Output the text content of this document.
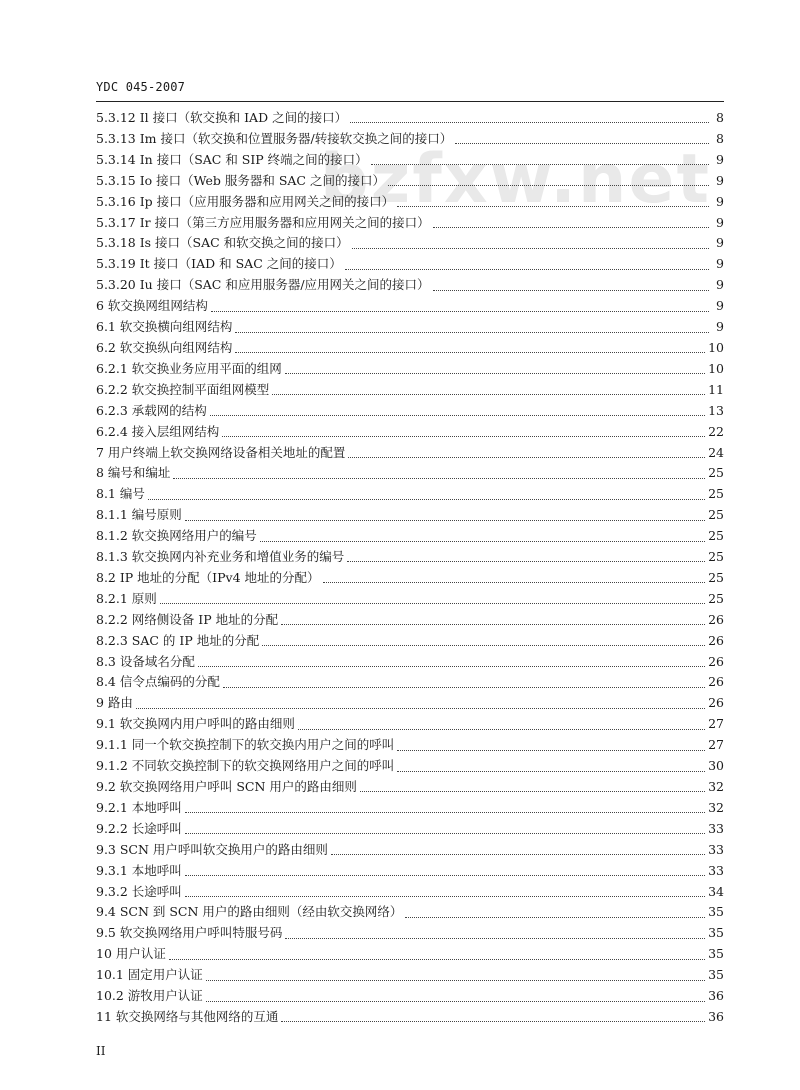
YDC 045-2007
bzfxw.net
5.3.12 Il 接口（软交换和 IAD 之间的接口）	8
5.3.13 Im 接口（软交换和位置服务器/转接软交换之间的接口）	8
5.3.14 In 接口（SAC 和 SIP 终端之间的接口）	9
5.3.15 Io 接口（Web 服务器和 SAC 之间的接口）	9
5.3.16 Ip 接口（应用服务器和应用网关之间的接口）	9
5.3.17 Ir 接口（第三方应用服务器和应用网关之间的接口）	9
5.3.18 Is 接口（SAC 和软交换之间的接口）	9
5.3.19 It 接口（IAD 和 SAC 之间的接口）	9
5.3.20 Iu 接口（SAC 和应用服务器/应用网关之间的接口）	9
6 软交换网组网结构	9
6.1 软交换横向组网结构	9
6.2 软交换纵向组网结构	10
6.2.1 软交换业务应用平面的组网	10
6.2.2 软交换控制平面组网模型	11
6.2.3 承载网的结构	13
6.2.4 接入层组网结构	22
7 用户终端上软交换网络设备相关地址的配置	24
8 编号和编址	25
8.1 编号	25
8.1.1 编号原则	25
8.1.2 软交换网络用户的编号	25
8.1.3 软交换网内补充业务和增值业务的编号	25
8.2 IP 地址的分配（IPv4 地址的分配）	25
8.2.1 原则	25
8.2.2 网络侧设备 IP 地址的分配	26
8.2.3 SAC 的 IP 地址的分配	26
8.3 设备域名分配	26
8.4 信令点编码的分配	26
9 路由	26
9.1 软交换网内用户呼叫的路由细则	27
9.1.1 同一个软交换控制下的软交换内用户之间的呼叫	27
9.1.2 不同软交换控制下的软交换网络用户之间的呼叫	30
9.2 软交换网络用户呼叫 SCN 用户的路由细则	32
9.2.1 本地呼叫	32
9.2.2 长途呼叫	33
9.3 SCN 用户呼叫软交换用户的路由细则	33
9.3.1 本地呼叫	33
9.3.2 长途呼叫	34
9.4 SCN 到 SCN 用户的路由细则（经由软交换网络）	35
9.5 软交换网络用户呼叫特服号码	35
10 用户认证	35
10.1 固定用户认证	35
10.2 游牧用户认证	36
11 软交换网络与其他网络的互通	36
II
